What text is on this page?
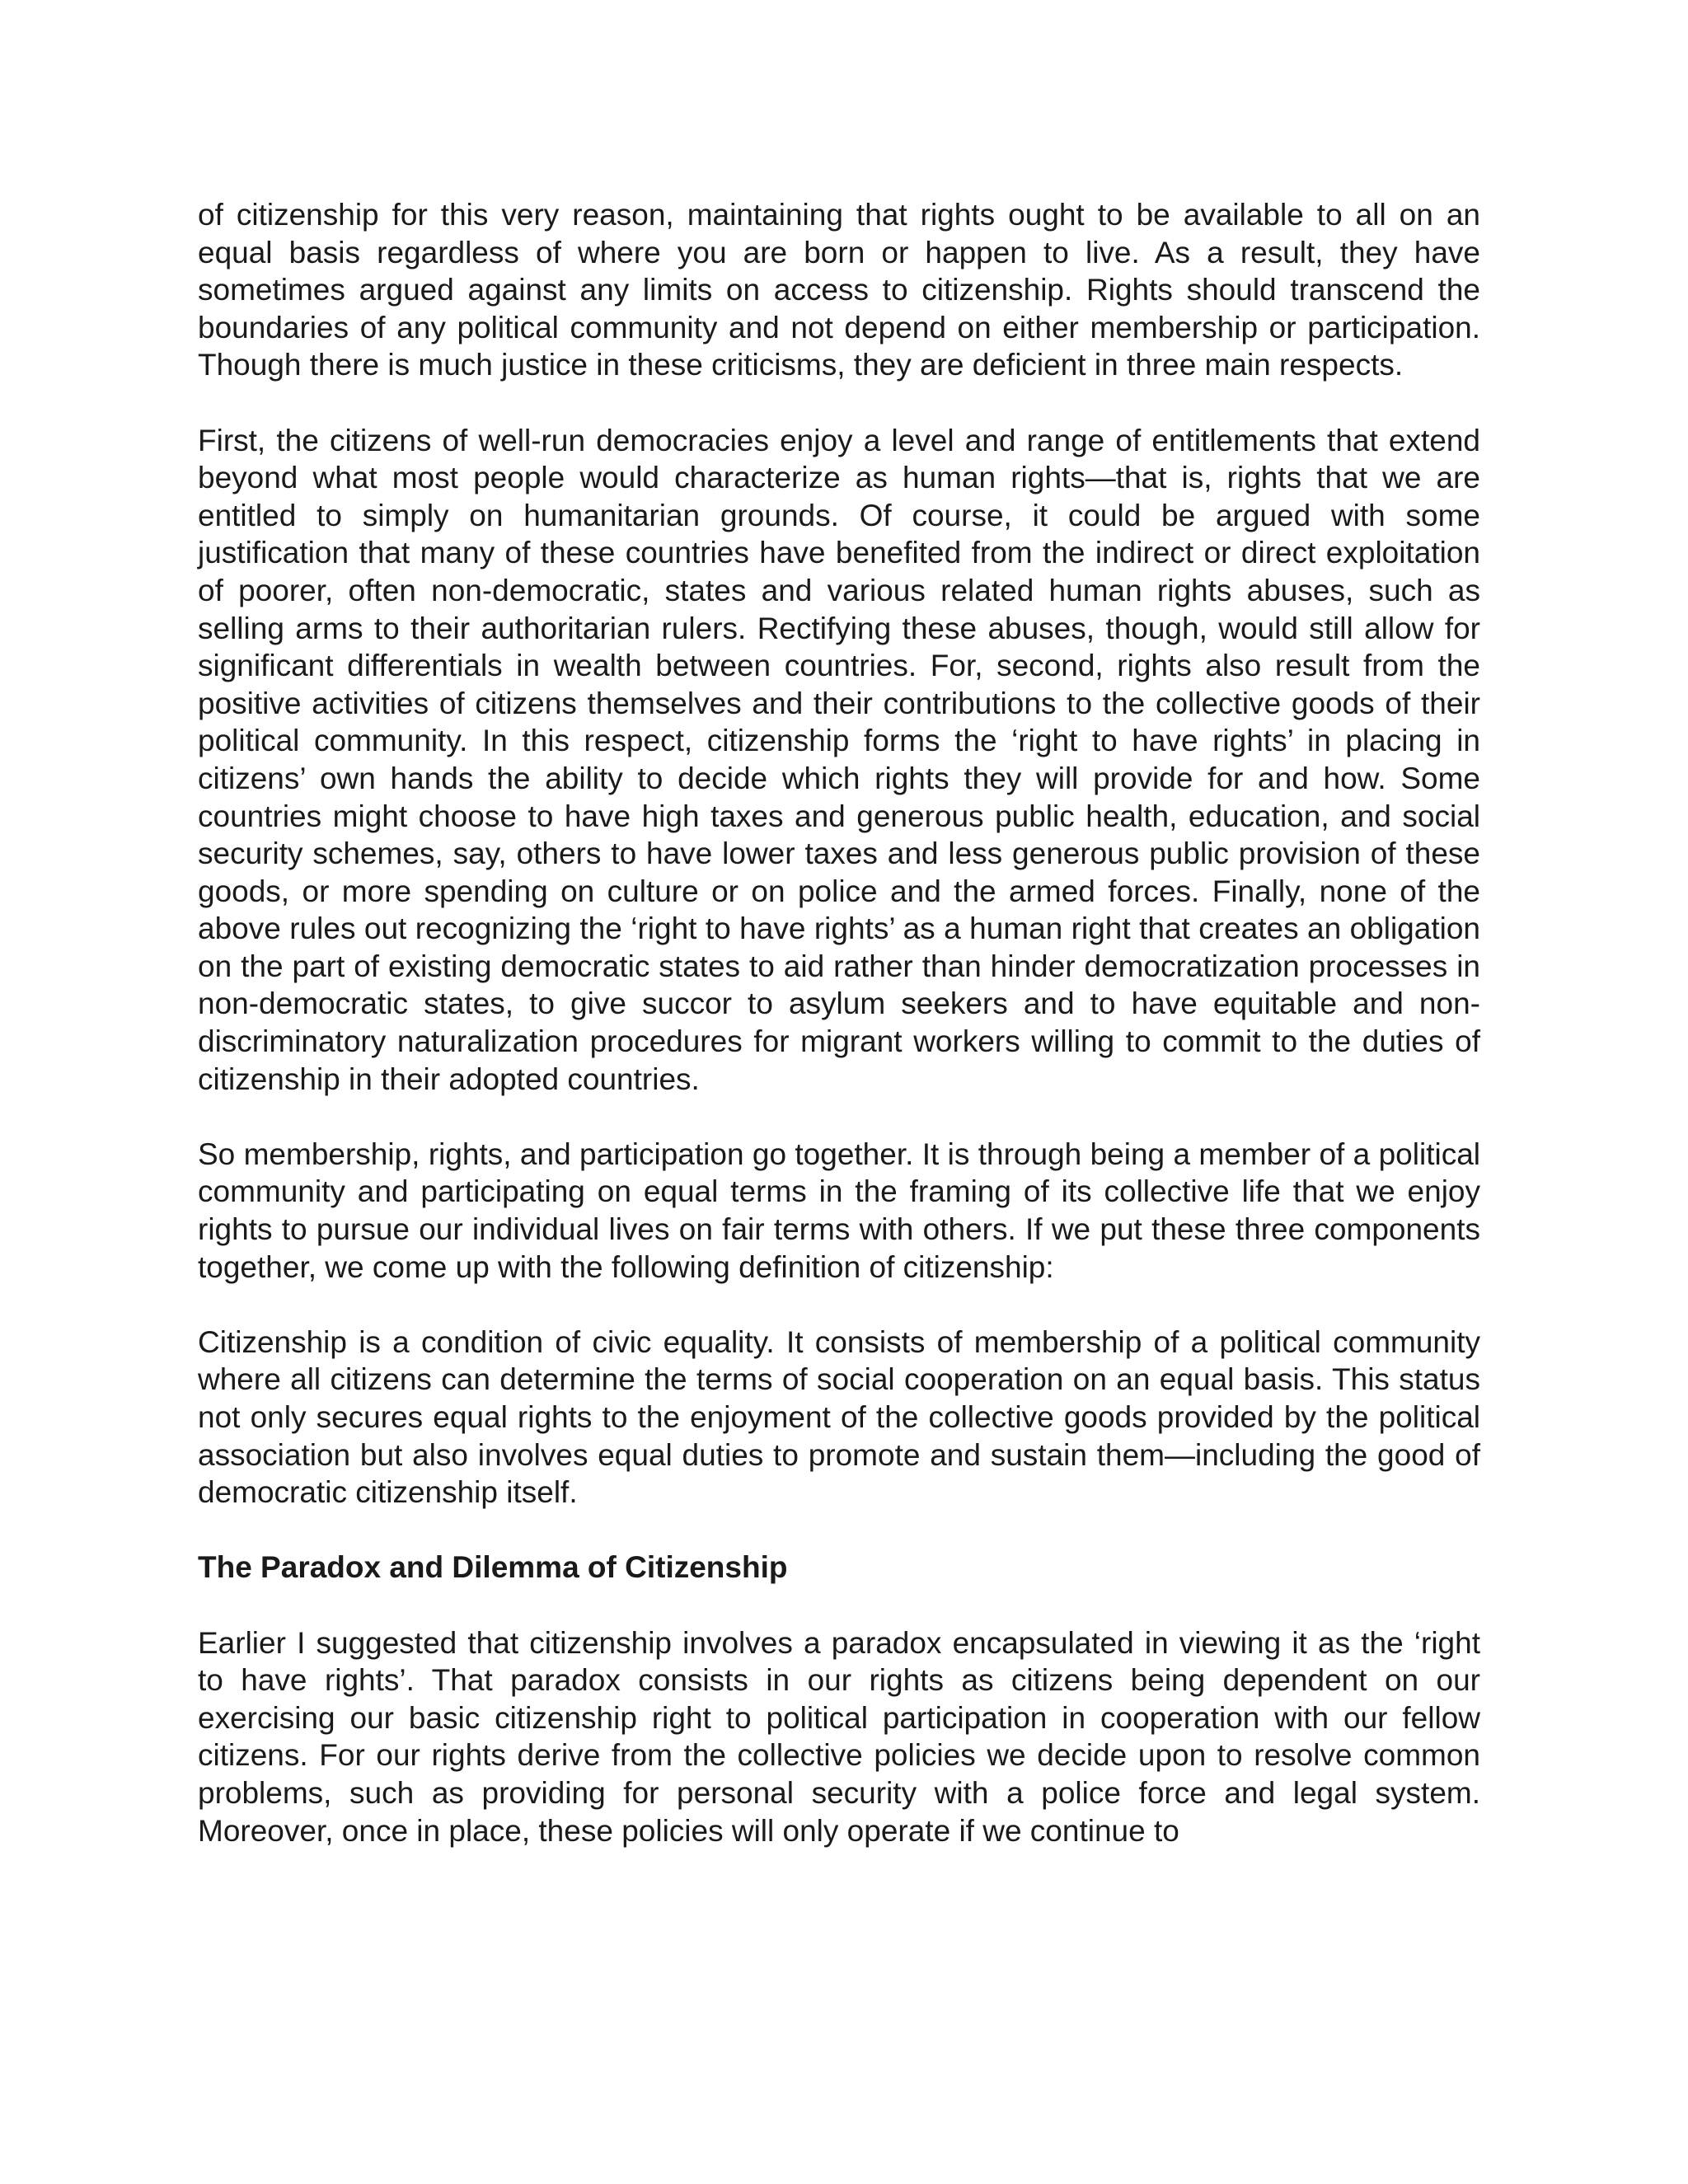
of citizenship for this very reason, maintaining that rights ought to be available to all on an equal basis regardless of where you are born or happen to live. As a result, they have sometimes argued against any limits on access to citizenship. Rights should transcend the boundaries of any political community and not depend on either membership or participation. Though there is much justice in these criticisms, they are deficient in three main respects.

First, the citizens of well-run democracies enjoy a level and range of entitlements that extend beyond what most people would characterize as human rights—that is, rights that we are entitled to simply on humanitarian grounds. Of course, it could be argued with some justification that many of these countries have benefited from the indirect or direct exploitation of poorer, often non-democratic, states and various related human rights abuses, such as selling arms to their authoritarian rulers. Rectifying these abuses, though, would still allow for significant differentials in wealth between countries. For, second, rights also result from the positive activities of citizens themselves and their contributions to the collective goods of their political community. In this respect, citizenship forms the ‘right to have rights’ in placing in citizens’ own hands the ability to decide which rights they will provide for and how. Some countries might choose to have high taxes and generous public health, education, and social security schemes, say, others to have lower taxes and less generous public provision of these goods, or more spending on culture or on police and the armed forces. Finally, none of the above rules out recognizing the ‘right to have rights’ as a human right that creates an obligation on the part of existing democratic states to aid rather than hinder democratization processes in non-democratic states, to give succor to asylum seekers and to have equitable and non-discriminatory naturalization procedures for migrant workers willing to commit to the duties of citizenship in their adopted countries.

So membership, rights, and participation go together. It is through being a member of a political community and participating on equal terms in the framing of its collective life that we enjoy rights to pursue our individual lives on fair terms with others. If we put these three components together, we come up with the following definition of citizenship:

Citizenship is a condition of civic equality. It consists of membership of a political community where all citizens can determine the terms of social cooperation on an equal basis. This status not only secures equal rights to the enjoyment of the collective goods provided by the political association but also involves equal duties to promote and sustain them—including the good of democratic citizenship itself.

The Paradox and Dilemma of Citizenship

Earlier I suggested that citizenship involves a paradox encapsulated in viewing it as the ‘right to have rights’. That paradox consists in our rights as citizens being dependent on our exercising our basic citizenship right to political participation in cooperation with our fellow citizens. For our rights derive from the collective policies we decide upon to resolve common problems, such as providing for personal security with a police force and legal system. Moreover, once in place, these policies will only operate if we continue to
